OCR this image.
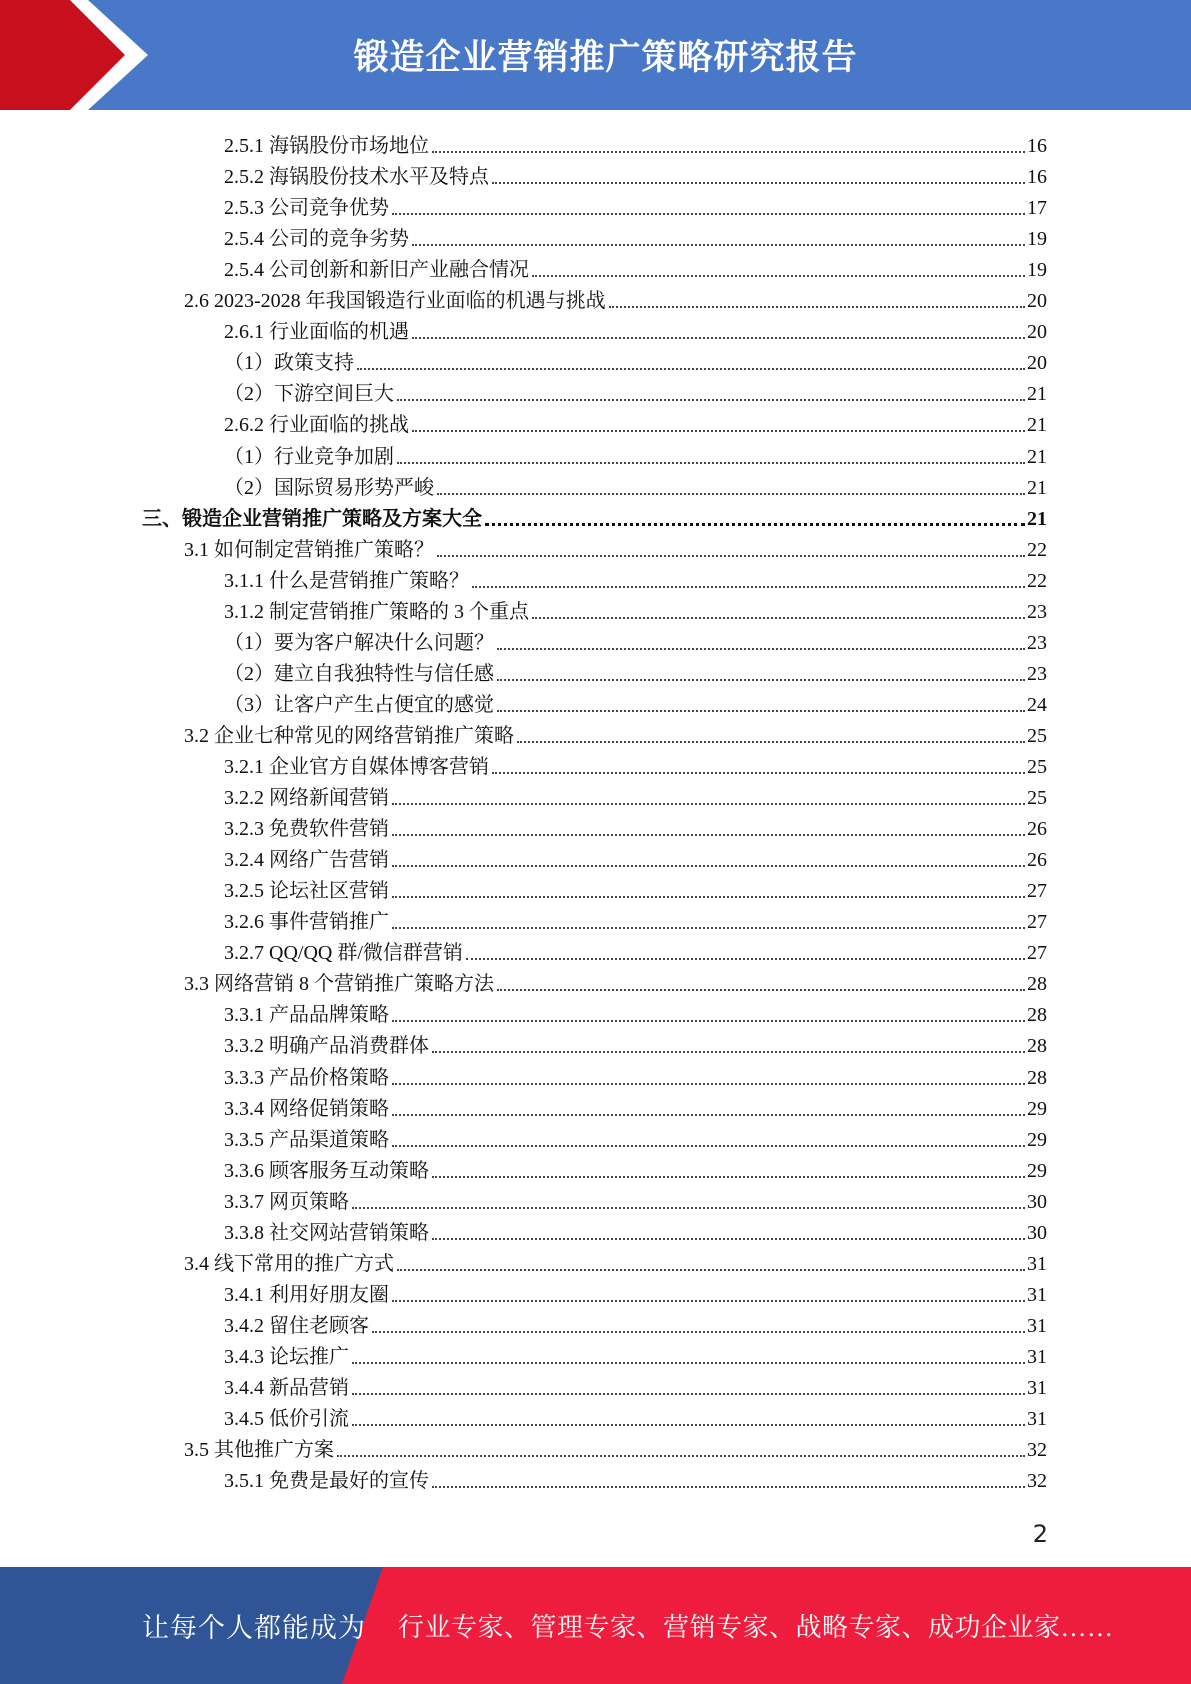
锻造企业营销推广策略研究报告
2.5.1 海锅股份市场地位	16
2.5.2 海锅股份技术水平及特点	16
2.5.3 公司竞争优势	17
2.5.4 公司的竞争劣势	19
2.5.4 公司创新和新旧产业融合情况	19
2.6 2023-2028 年我国锻造行业面临的机遇与挑战	20
2.6.1 行业面临的机遇	20
（1）政策支持	20
（2）下游空间巨大	21
2.6.2 行业面临的挑战	21
（1）行业竞争加剧	21
（2）国际贸易形势严峻	21
三、锻造企业营销推广策略及方案大全	21
3.1 如何制定营销推广策略？	22
3.1.1 什么是营销推广策略？	22
3.1.2 制定营销推广策略的 3 个重点	23
（1）要为客户解决什么问题？	23
（2）建立自我独特性与信任感	23
（3）让客户产生占便宜的感觉	24
3.2 企业七种常见的网络营销推广策略	25
3.2.1 企业官方自媒体博客营销	25
3.2.2 网络新闻营销	25
3.2.3 免费软件营销	26
3.2.4 网络广告营销	26
3.2.5 论坛社区营销	27
3.2.6 事件营销推广	27
3.2.7 QQ/QQ 群/微信群营销	27
3.3 网络营销 8 个营销推广策略方法	28
3.3.1 产品品牌策略	28
3.3.2 明确产品消费群体	28
3.3.3 产品价格策略	28
3.3.4 网络促销策略	29
3.3.5 产品渠道策略	29
3.3.6 顾客服务互动策略	29
3.3.7 网页策略	30
3.3.8 社交网站营销策略	30
3.4 线下常用的推广方式	31
3.4.1 利用好朋友圈	31
3.4.2 留住老顾客	31
3.4.3 论坛推广	31
3.4.4 新品营销	31
3.4.5 低价引流	31
3.5 其他推广方案	32
3.5.1 免费是最好的宣传	32
2
让每个人都能成为 行业专家、管理专家、营销专家、战略专家、成功企业家……
